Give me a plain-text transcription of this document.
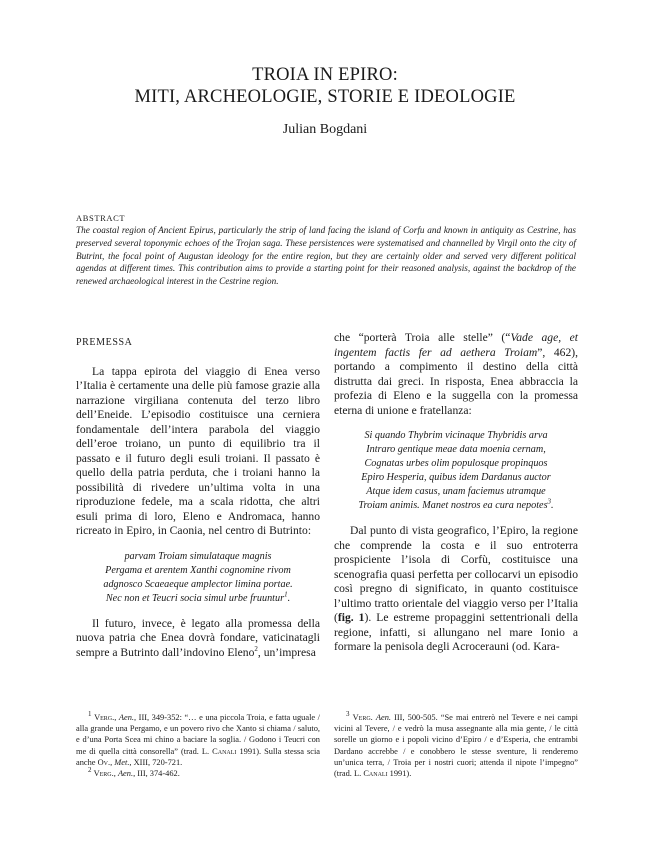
TROIA IN EPIRO:
MITI, ARCHEOLOGIE, STORIE E IDEOLOGIE
Julian Bogdani
ABSTRACT
The coastal region of Ancient Epirus, particularly the strip of land facing the island of Corfu and known in antiquity as Cestrine, has preserved several toponymic echoes of the Trojan saga. These persistences were systematised and channelled by Virgil onto the city of Butrint, the focal point of Augustan ideology for the entire region, but they are certainly older and served very different political agendas at different times. This contribution aims to provide a starting point for their reasoned analysis, against the backdrop of the renewed archaeological interest in the Cestrine region.
PREMESSA

La tappa epirota del viaggio di Enea verso l’Italia è certamente una delle più famose grazie alla narrazione virgiliana contenuta del terzo libro dell’Eneide. L’episodio costituisce una cerniera fondamentale dell’intera parabola del viaggio dell’eroe troiano, un punto di equilibrio tra il passato e il futuro degli esuli troiani. Il passato è quello della patria perduta, che i troiani hanno la possibilità di rivedere un’ultima volta in una riproduzione fedele, ma a scala ridotta, che altri esuli prima di loro, Eleno e Andromaca, hanno ricreato in Epiro, in Caonia, nel centro di Butrinto:

parvam Troiam simulataque magnis
Pergama et arentem Xanthi cognomine rivom
adgnosco Scaeaeque amplector limina portae.
Nec non et Teucri socia simul urbe fruuntur$^1$.

Il futuro, invece, è legato alla promessa della nuova patria che Enea dovrà fondare, vaticinatagli sempre a Butrinto dall’indovino Eleno$^2$, un’impresa

che “porterà Troia alle stelle” (“Vade age, et ingentem factis fer ad aethera Troiam”, 462), portando a compimento il destino della città distrutta dai greci. In risposta, Enea abbraccia la profezia di Eleno e la suggella con la promessa eterna di unione e fratellanza:

Si quando Thybrim vicinaque Thybridis arva
Intraro gentique meae data moenia cernam,
Cognatas urbes olim populosque propinquos
Epiro Hesperia, quibus idem Dardanus auctor
Atque idem casus, unam faciemus utramque
Troiam animis. Manet nostros ea cura nepotes$^3$.

Dal punto di vista geografico, l’Epiro, la regione che comprende la costa e il suo entroterra prospiciente l’isola di Corfù, costituisce una scenografia quasi perfetta per collocarvi un episodio così pregno di significato, in quanto costituisce l’ultimo tratto orientale del viaggio verso per l’Italia (fig. 1). Le estreme propaggini settentrionali della regione, infatti, si allungano nel mare Ionio a formare la penisola degli Acrocerauni (od. Kara-

$^1$ Verg., Aen., III, 349-352: “… e una piccola Troia, e fatta uguale / alla grande una Pergamo, e un povero rivo che Xanto si chiama / saluto, e d’una Porta Scea mi chino a baciare la soglia. / Godono i Teucri con me di quella città consorella” (trad. L. Canali 1991). Sulla stessa scia anche Ov., Met., XIII, 720-721.

$^2$ Verg., Aen., III, 374-462.

$^3$ Verg. Aen. III, 500-505. “Se mai entrerò nel Tevere e nei campi vicini al Tevere, / e vedrò la musa assegnante alla mia gente, / le città sorelle un giorno e i popoli vicino d’Epiro / e d’Esperia, che entrambi Dardano accrebbe / e conobbero le stesse sventure, li renderemo un’unica terra, / Troia per i nostri cuori; attenda il nipote l’impegno” (trad. L. Canali 1991).
